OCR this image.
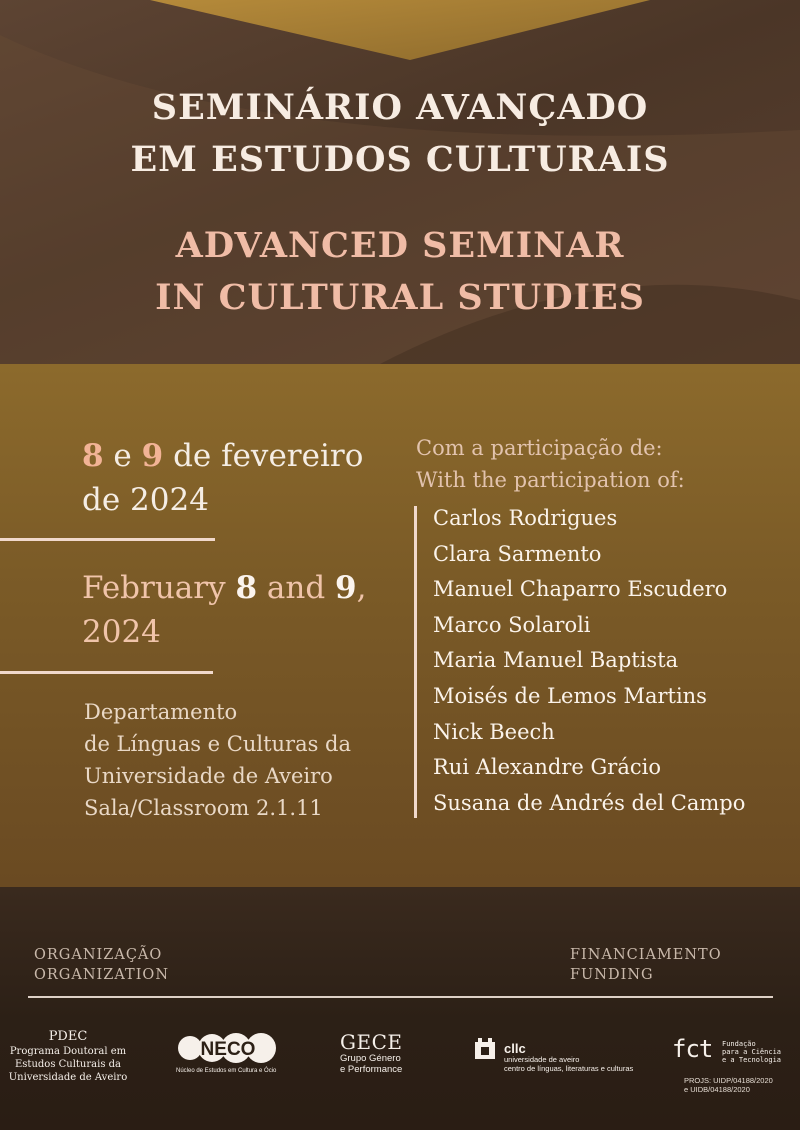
SEMINÁRIO AVANÇADO
EM ESTUDOS CULTURAIS
ADVANCED SEMINAR
IN CULTURAL STUDIES
8 e 9 de fevereiro
de 2024
February 8 and 9,
2024
Departamento
de Línguas e Culturas da
Universidade de Aveiro
Sala/Classroom 2.1.11
Com a participação de:
With the participation of:
Carlos Rodrigues
Clara Sarmento
Manuel Chaparro Escudero
Marco Solaroli
Maria Manuel Baptista
Moisés de Lemos Martins
Nick Beech
Rui Alexandre Grácio
Susana de Andrés del Campo
ORGANIZAÇÃO
ORGANIZATION
FINANCIAMENTO
FUNDING
PDEC
Programa Doutoral em
Estudos Culturais da
Universidade de Aveiro
NECO
Núcleo de Estudos em Cultura e Ócio
GECE
Grupo Género
e Performance
cllc
universidade de aveiro
centro de línguas, literaturas e culturas
fct Fundação
para a Ciência
e a Tecnologia
PROJS: UIDP/04188/2020
e UIDB/04188/2020
